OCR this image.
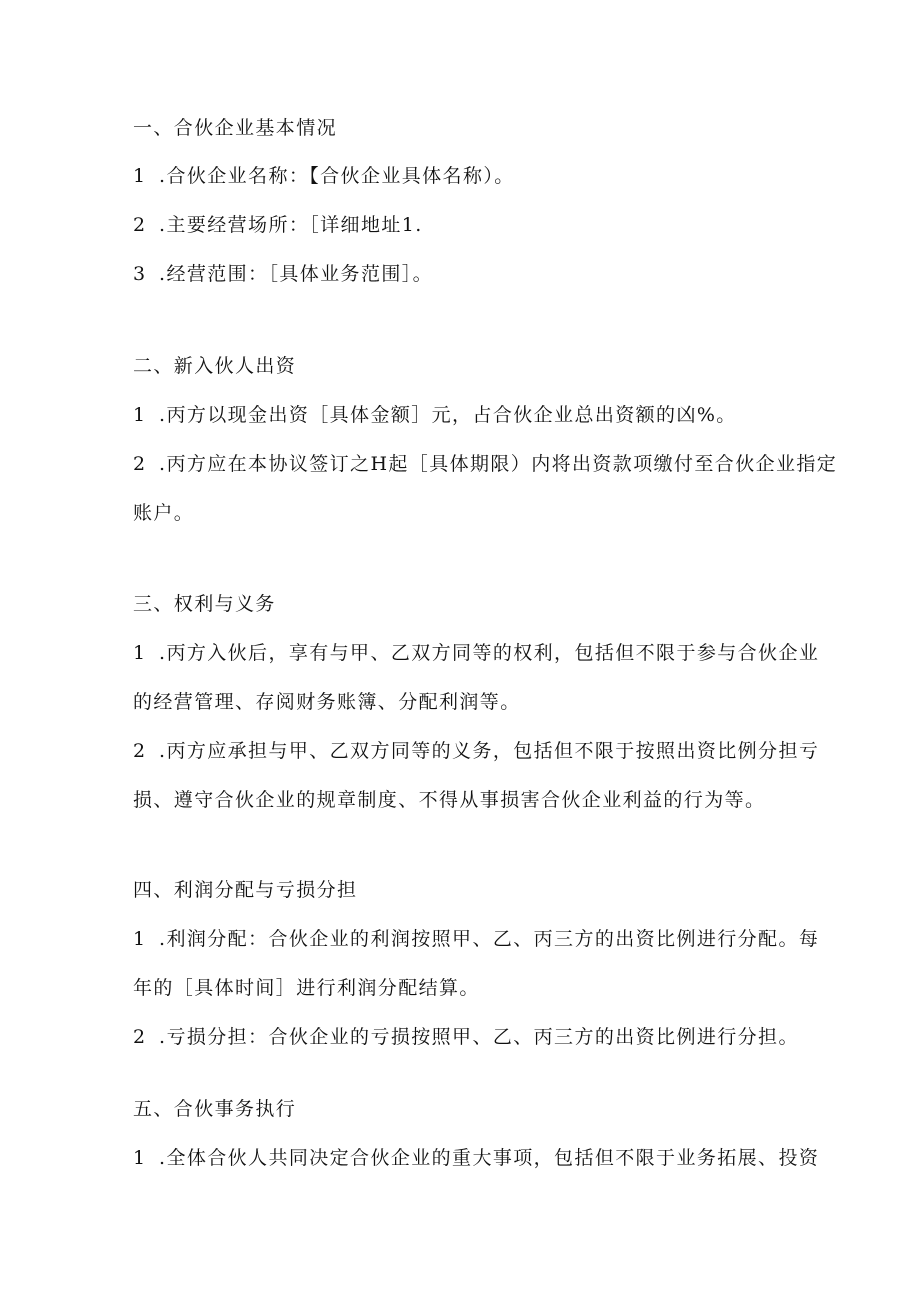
一、合伙企业基本情况
1 .合伙企业名称：【合伙企业具体名称）。
2 .主要经营场所：［详细地址1.
3 .经营范围：［具体业务范围］。
二、新入伙人出资
1 .丙方以现金出资［具体金额］元，占合伙企业总出资额的凶%。
2 .丙方应在本协议签订之H起［具体期限）内将出资款项缴付至合伙企业指定
账户。
三、权利与义务
1 .丙方入伙后，享有与甲、乙双方同等的权利，包括但不限于参与合伙企业
的经营管理、存阅财务账簿、分配利润等。
2 .丙方应承担与甲、乙双方同等的义务，包括但不限于按照出资比例分担亏
损、遵守合伙企业的规章制度、不得从事损害合伙企业利益的行为等。
四、利润分配与亏损分担
1 .利润分配：合伙企业的利润按照甲、乙、丙三方的出资比例进行分配。每
年的［具体时间］进行利润分配结算。
2 .亏损分担：合伙企业的亏损按照甲、乙、丙三方的出资比例进行分担。
五、合伙事务执行
1 .全体合伙人共同决定合伙企业的重大事项，包括但不限于业务拓展、投资
